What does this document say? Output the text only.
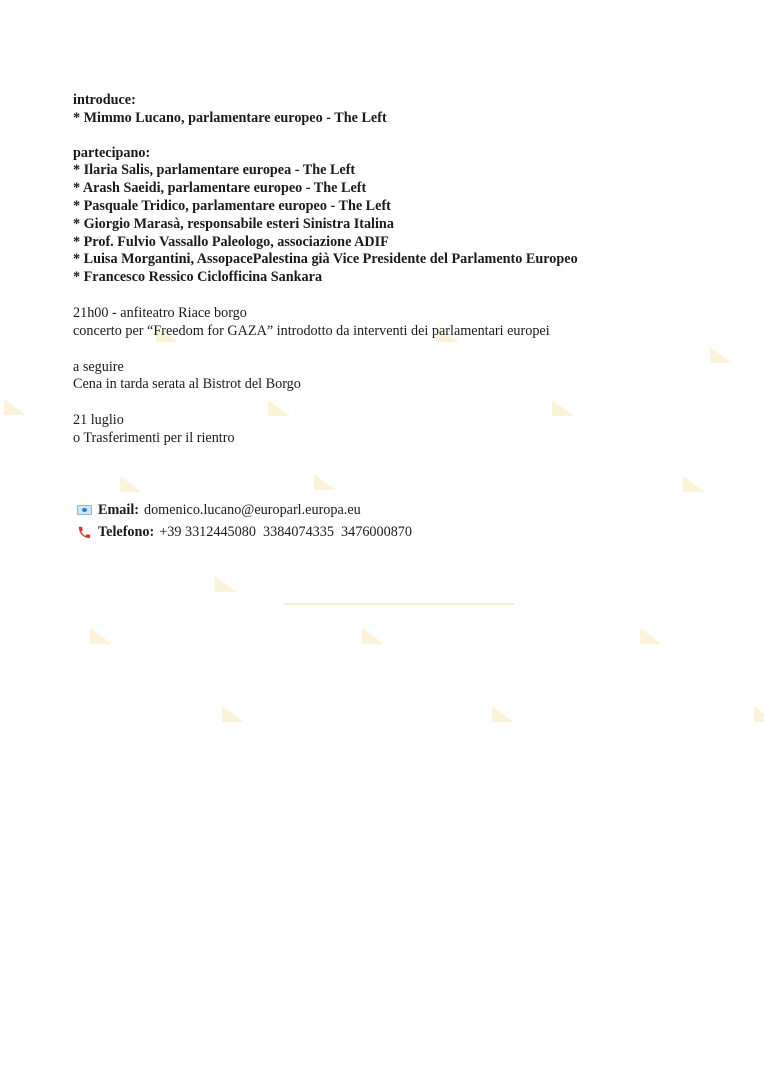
introduce:
* Mimmo Lucano, parlamentare europeo - The Left
partecipano:
* Ilaria Salis, parlamentare europea - The Left
* Arash Saeidi, parlamentare europeo - The Left
* Pasquale Tridico, parlamentare europeo - The Left
* Giorgio Marasà, responsabile esteri Sinistra Italina
* Prof. Fulvio Vassallo Paleologo, associazione ADIF
* Luisa Morgantini, AssopacePalestina già Vice Presidente del Parlamento Europeo
* Francesco Ressico Ciclofficina Sankara
21h00 - anfiteatro Riace borgo
concerto per “Freedom for GAZA” introdotto da interventi dei parlamentari europei
a seguire
Cena in tarda serata al Bistrot del Borgo
21 luglio
o Trasferimenti per il rientro
Email: domenico.lucano@europarl.europa.eu
Telefono: +39 3312445080  3384074335  3476000870
